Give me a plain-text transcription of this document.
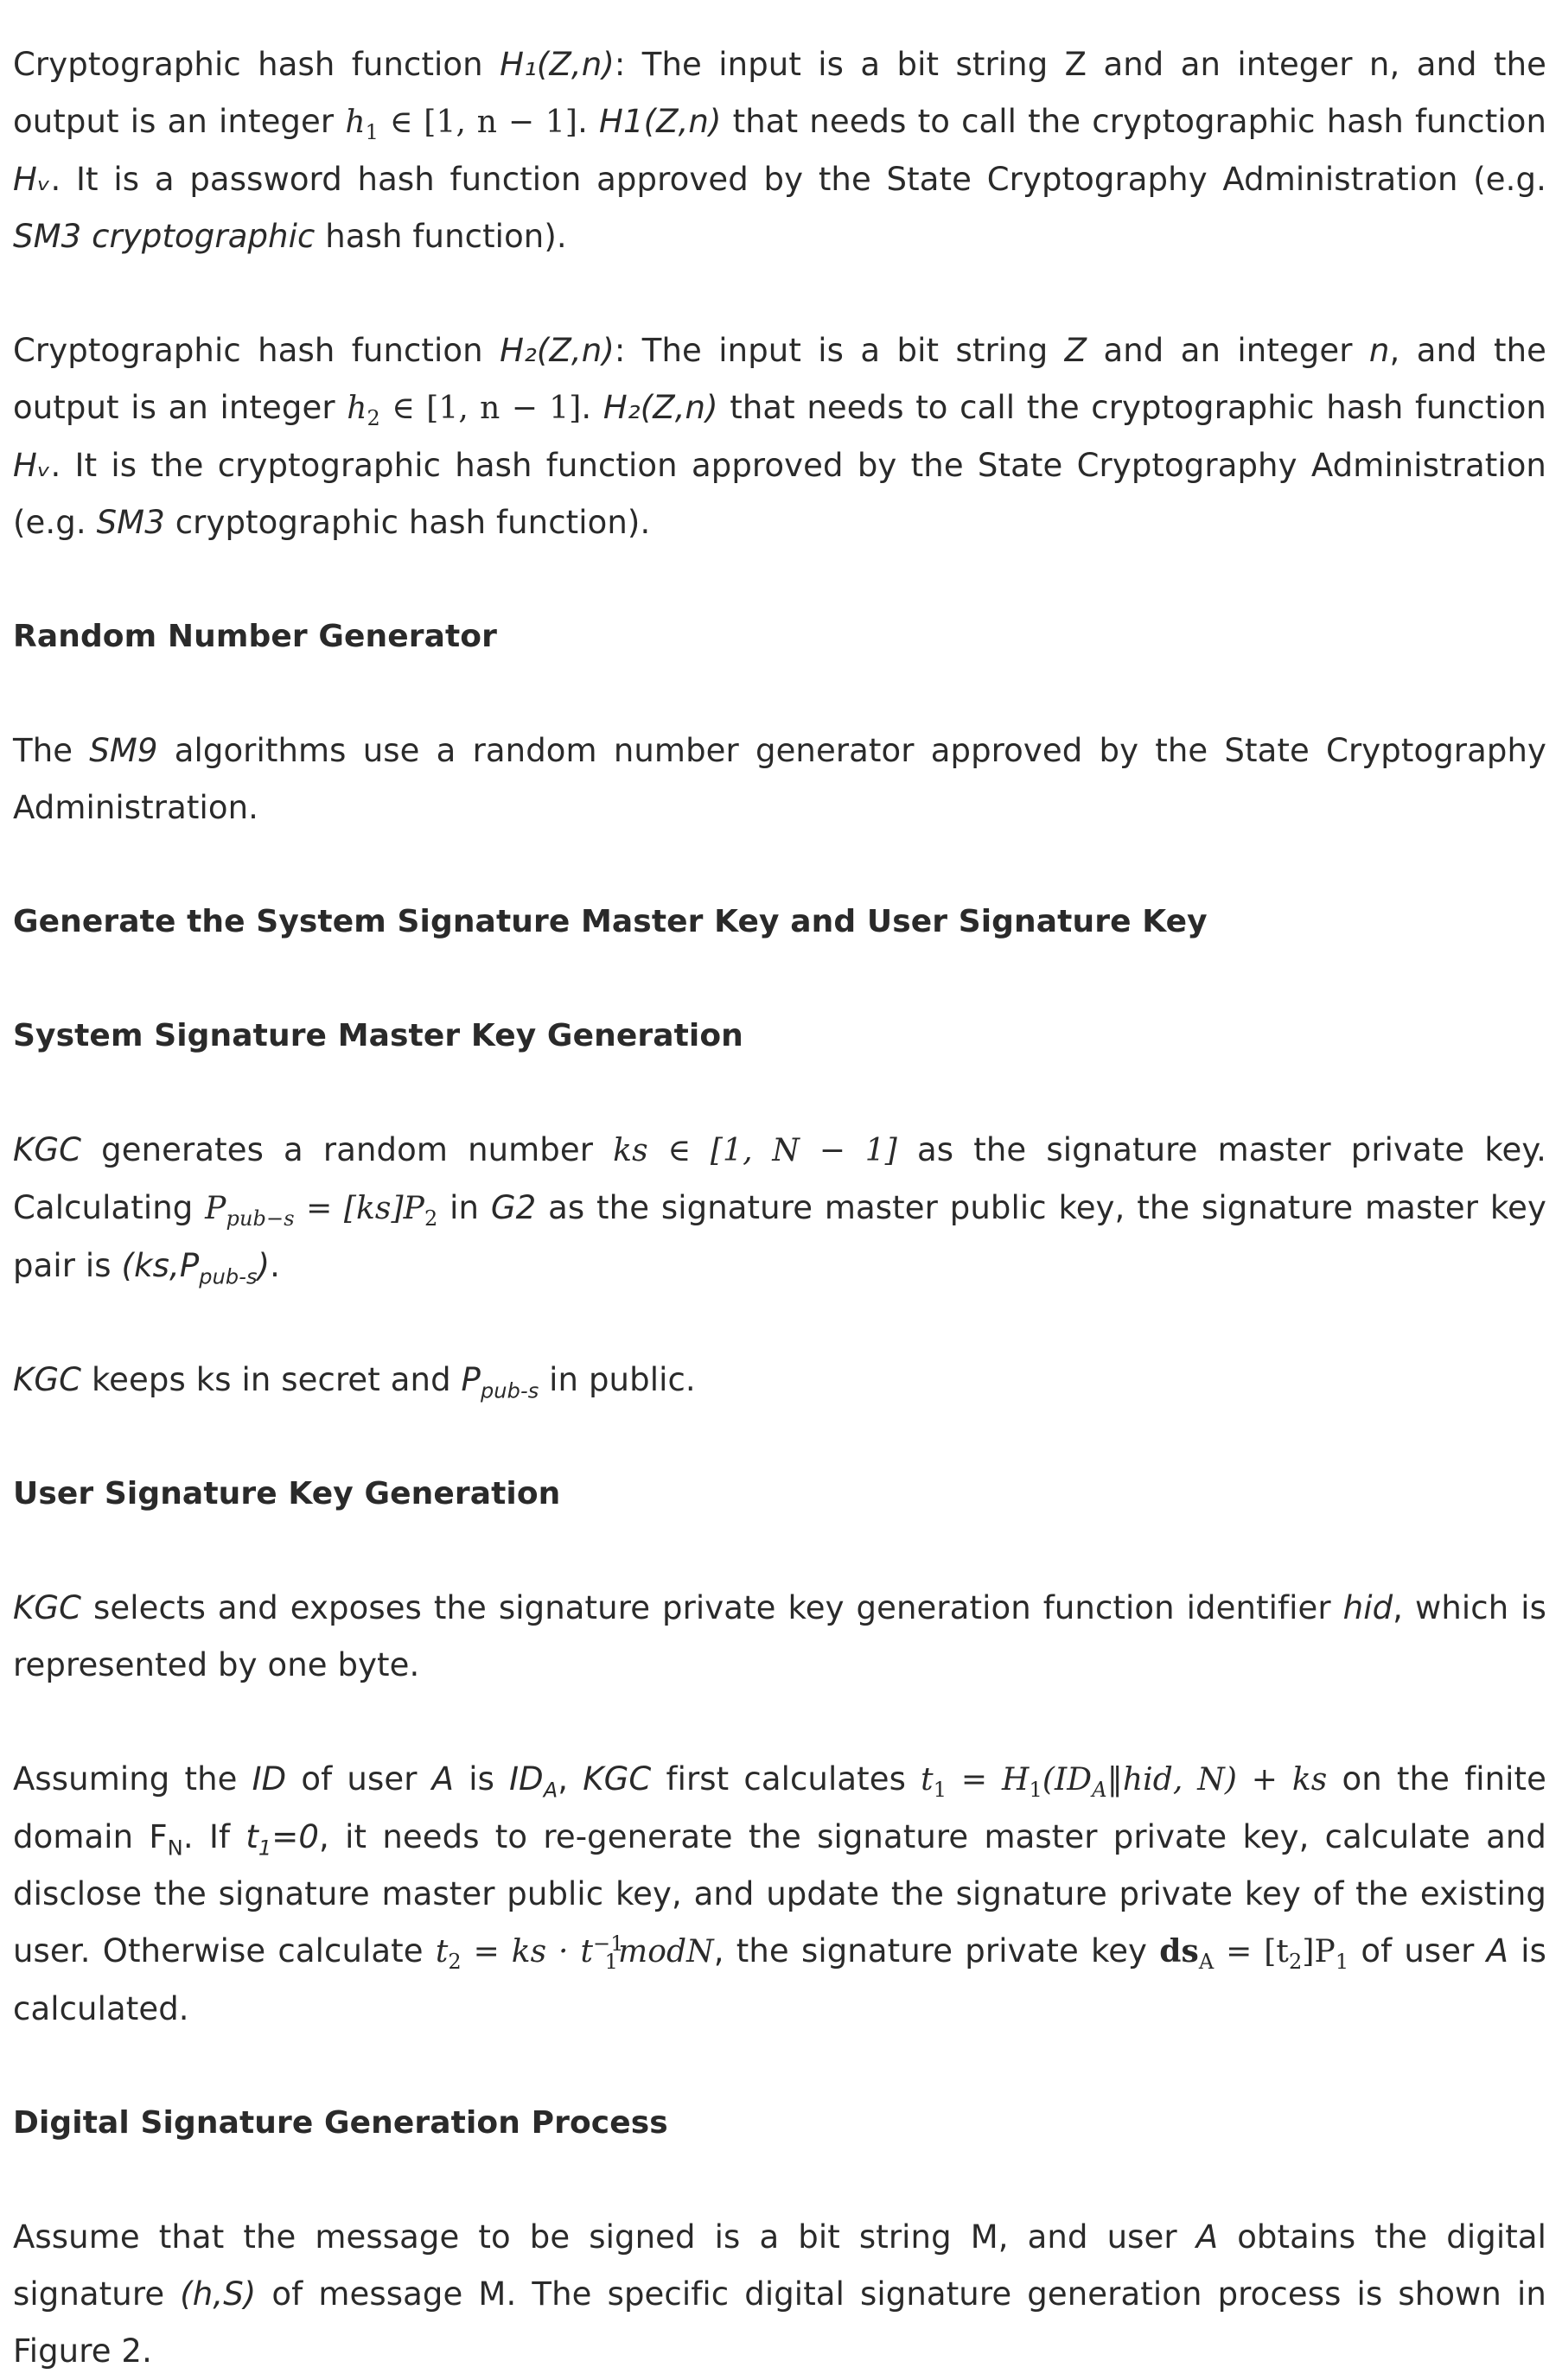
Cryptographic hash function H₁(Z,n): The input is a bit string Z and an integer n, and the output is an integer $h_1$ ∈ [1, n − 1]. H1(Z,n) that needs to call the cryptographic hash function Hᵥ. It is a password hash function approved by the State Cryptography Administration (e.g. SM3 cryptographic hash function).

Cryptographic hash function H₂(Z,n): The input is a bit string Z and an integer n, and the output is an integer $h_2$ ∈ [1, n − 1]. H₂(Z,n) that needs to call the cryptographic hash function Hᵥ. It is the cryptographic hash function approved by the State Cryptography Administration (e.g. SM3 cryptographic hash function).

Random Number Generator

The SM9 algorithms use a random number generator approved by the State Cryptography Administration.

Generate the System Signature Master Key and User Signature Key

System Signature Master Key Generation

KGC generates a random number ks ∈ [1, N − 1] as the signature master private key. Calculating $P_{pub-s} = [ks]P_2$ in G2 as the signature master public key, the signature master key pair is $(ks,P_{pub-s})$.

KGC keeps ks in secret and $P_{pub-s}$ in public.

User Signature Key Generation

KGC selects and exposes the signature private key generation function identifier hid, which is represented by one byte.

Assuming the ID of user A is $ID_A$, KGC first calculates $t_1$ = $H_1(ID_A‖hid$, N) + ks on the finite domain $F_N$. If $t_1=0$, it needs to re-generate the signature master private key, calculate and disclose the signature master public key, and update the signature private key of the existing user. Otherwise calculate $t_2$ = ks · $t^{-1}_1modN$, the signature private key $ds_A = [t_2]P_1$ of user A is calculated.

Digital Signature Generation Process

Assume that the message to be signed is a bit string M, and user A obtains the digital signature (h,S) of message M. The specific digital signature generation process is shown in Figure 2.
